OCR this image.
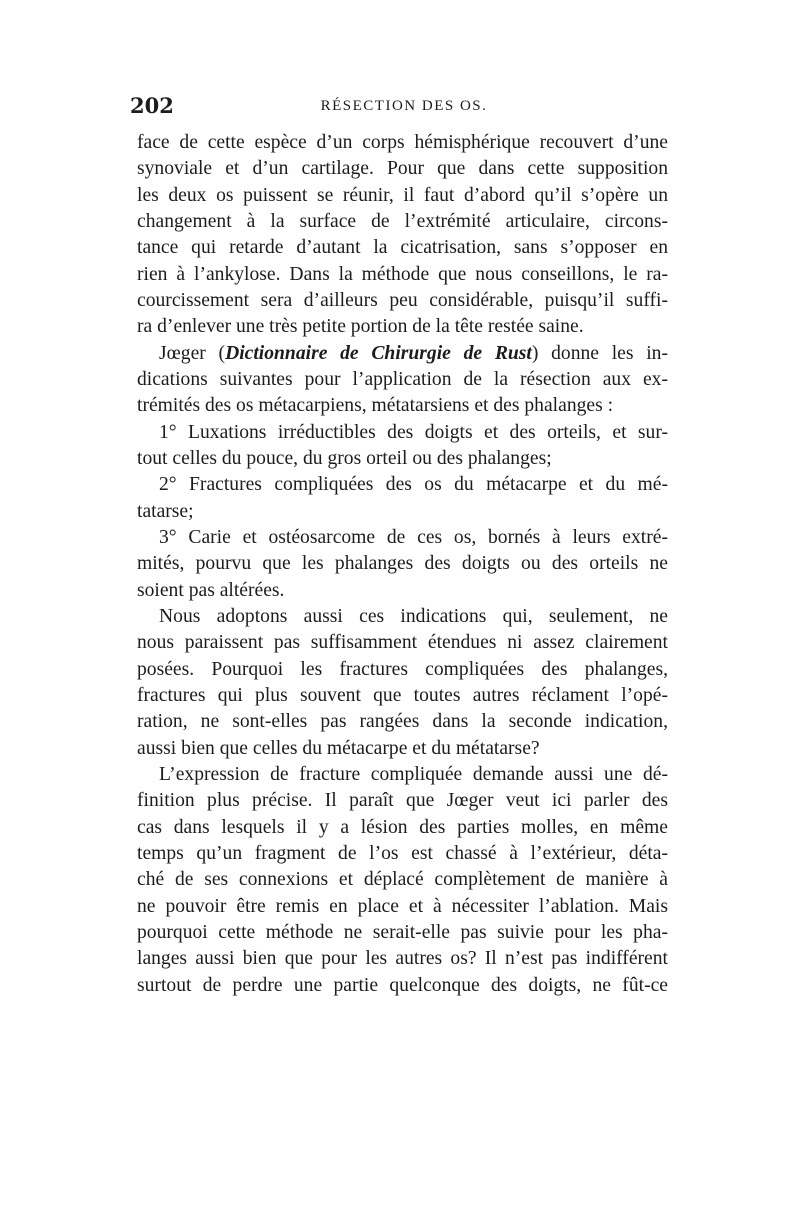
202	RÉSECTION DES OS.
face de cette espèce d’un corps hémisphérique recouvert d’une
synoviale et d’un cartilage. Pour que dans cette supposition
les deux os puissent se réunir, il faut d’abord qu’il s’opère un
changement à la surface de l’extrémité articulaire, circons-
tance qui retarde d’autant la cicatrisation, sans s’opposer en
rien à l’ankylose. Dans la méthode que nous conseillons, le ra-
courcissement sera d’ailleurs peu considérable, puisqu’il suffi-
ra d’enlever une très petite portion de la tête restée saine.
Jœger (Dictionnaire de Chirurgie de Rust) donne les in-
dications suivantes pour l’application de la résection aux ex-
trémités des os métacarpiens, métatarsiens et des phalanges :
1° Luxations irréductibles des doigts et des orteils, et sur-
tout celles du pouce, du gros orteil ou des phalanges;
2° Fractures compliquées des os du métacarpe et du mé-
tatarse;
3° Carie et ostéosarcome de ces os, bornés à leurs extré-
mités, pourvu que les phalanges des doigts ou des orteils ne
soient pas altérées.
Nous adoptons aussi ces indications qui, seulement, ne
nous paraissent pas suffisamment étendues ni assez clairement
posées. Pourquoi les fractures compliquées des phalanges,
fractures qui plus souvent que toutes autres réclament l’opé-
ration, ne sont-elles pas rangées dans la seconde indication,
aussi bien que celles du métacarpe et du métatarse?
L’expression de fracture compliquée demande aussi une dé-
finition plus précise. Il paraît que Jœger veut ici parler des
cas dans lesquels il y a lésion des parties molles, en même
temps qu’un fragment de l’os est chassé à l’extérieur, déta-
ché de ses connexions et déplacé complètement de manière à
ne pouvoir être remis en place et à nécessiter l’ablation. Mais
pourquoi cette méthode ne serait-elle pas suivie pour les pha-
langes aussi bien que pour les autres os? Il n’est pas indifférent
surtout de perdre une partie quelconque des doigts, ne fût-ce
